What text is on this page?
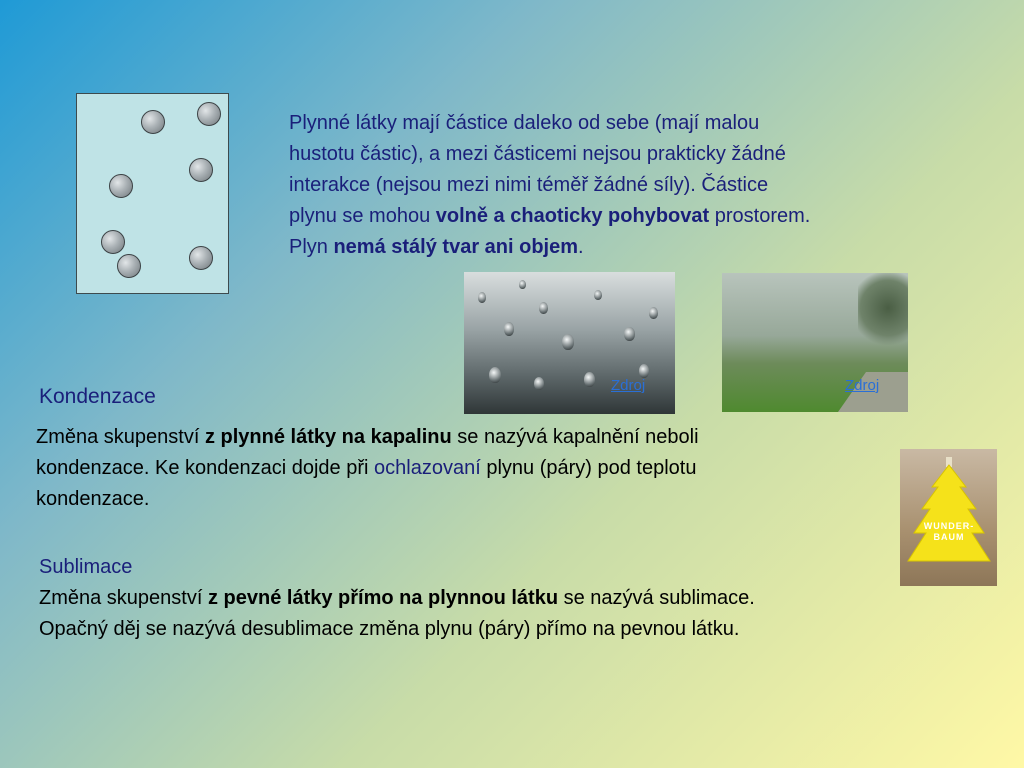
Plynné látky mají částice daleko od sebe (mají malou
hustotu částic), a mezi částicemi nejsou prakticky žádné
interakce (nejsou mezi nimi téměř žádné síly). Částice
plynu se mohou volně a chaoticky pohybovat prostorem.
Plyn nemá stálý tvar ani objem.
Zdroj	Zdroj
Kondenzace
Změna skupenství z plynné látky na kapalinu se nazývá kapalnění neboli
kondenzace. Ke kondenzaci dojde při ochlazovaní plynu (páry) pod teplotu
kondenzace.
WUNDER-
BAUM
Sublimace
Změna skupenství z pevné látky přímo na plynnou látku se nazývá sublimace.
Opačný děj se nazývá desublimace změna plynu (páry) přímo na pevnou látku.
